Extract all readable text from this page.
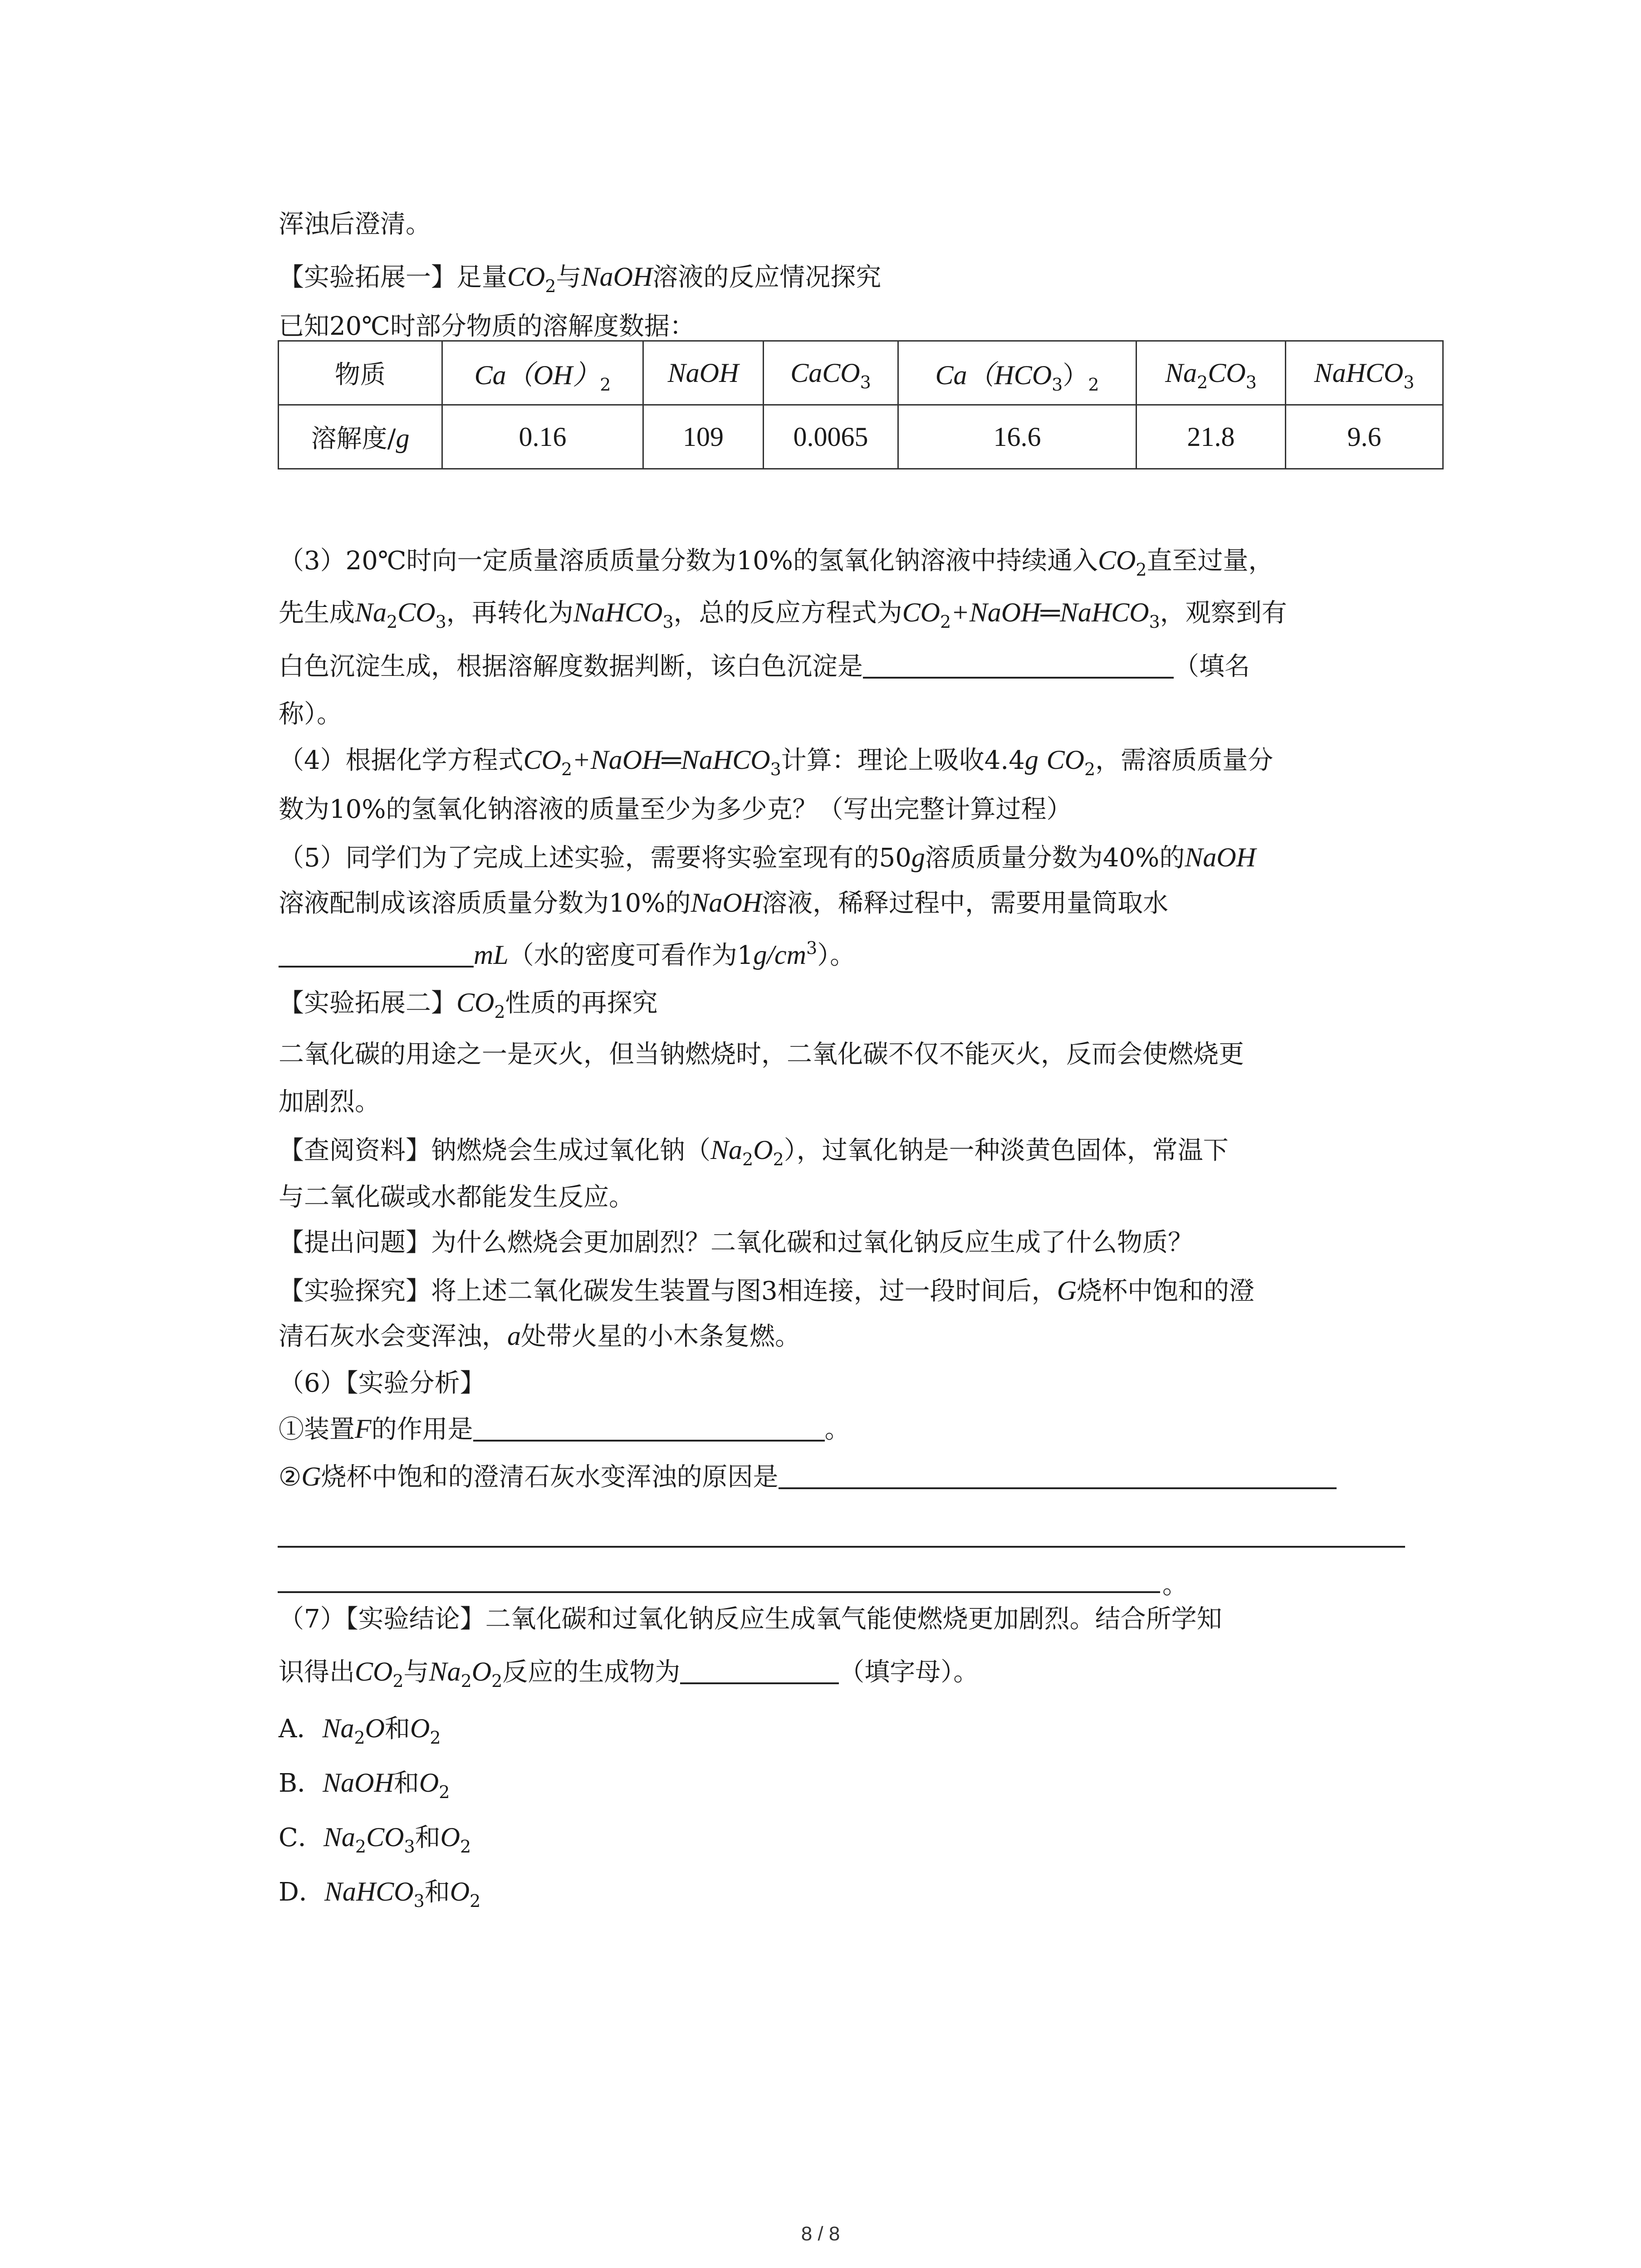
浑浊后澄清。
【实验拓展一】足量$CO_2$与NaOH溶液的反应情况探究
已知20℃时部分物质的溶解度数据：
物质	$Ca(OH)_2$	NaOH	CaCO$_3$	$Ca(HCO_3)_2$	$Na_2CO_3$	NaHCO$_3$
溶解度/g	0.16	109	0.0065	16.6	21.8	9.6
（3）20℃时向一定质量溶质质量分数为10%的氢氧化钠溶液中持续通入$CO_2$直至过量，
先生成$Na_2CO_3$，再转化为NaHCO$_3$，总的反应方程式为$CO_2+NaOH═NaHCO_3$，观察到有
白色沉淀生成，根据溶解度数据判断，该白色沉淀是	（填名
称）。
（4）根据化学方程式$CO_2+NaOH═NaHCO_3$计算：理论上吸收4.4g $CO_2$，需溶质质量分
数为10%的氢氧化钠溶液的质量至少为多少克？（写出完整计算过程）
（5）同学们为了完成上述实验，需要将实验室现有的50g溶质质量分数为40%的NaOH
溶液配制成该溶质质量分数为10%的NaOH溶液，稀释过程中，需要用量筒取水
mL（水的密度可看作为$1g/cm^3$）。
【实验拓展二】$CO_2$性质的再探究
二氧化碳的用途之一是灭火，但当钠燃烧时，二氧化碳不仅不能灭火，反而会使燃烧更
加剧烈。
【查阅资料】钠燃烧会生成过氧化钠$(Na_2O_2)$，过氧化钠是一种淡黄色固体，常温下
与二氧化碳或水都能发生反应。
【提出问题】为什么燃烧会更加剧烈？二氧化碳和过氧化钠反应生成了什么物质？
【实验探究】将上述二氧化碳发生装置与图3相连接，过一段时间后，G烧杯中饱和的澄
清石灰水会变浑浊，a处带火星的小木条复燃。
（6）【实验分析】
①装置F的作用是	。
②G烧杯中饱和的澄清石灰水变浑浊的原因是
。
（7）【实验结论】二氧化碳和过氧化钠反应生成氧气能使燃烧更加剧烈。结合所学知
识得出$CO_2$与$Na_2O_2$反应的生成物为	（填字母）。
A．$Na_2O$和$O_2$
B．NaOH和$O_2$
C．$Na_2CO_3$和$O_2$
D．NaHCO$_3$和$O_2$
8 / 8
